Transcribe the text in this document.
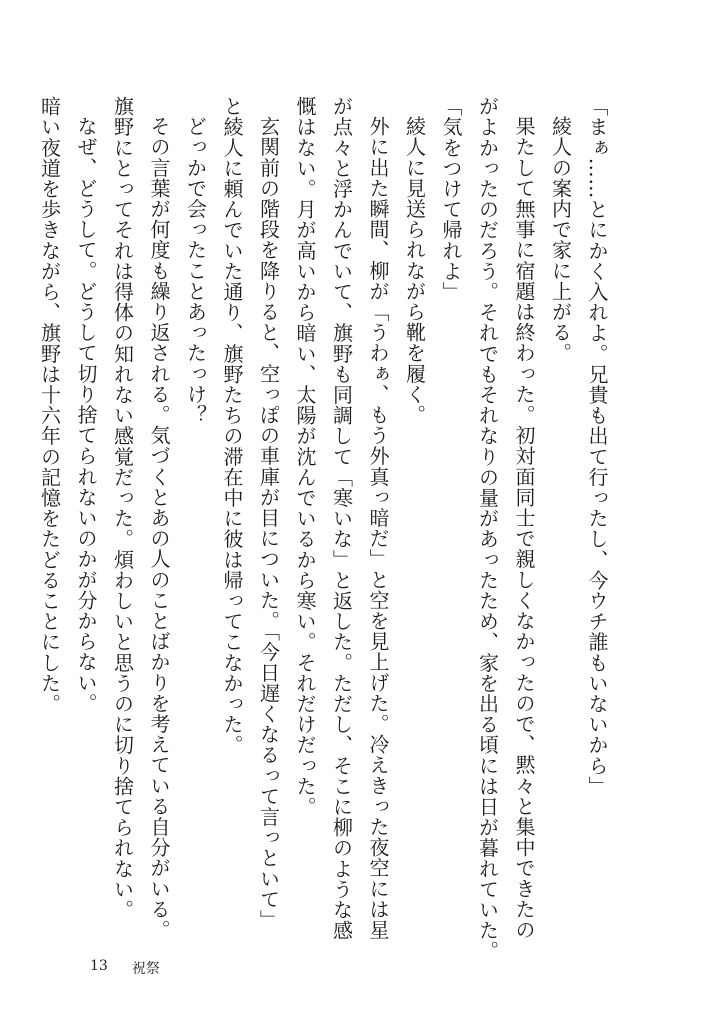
「まぁ……とにかく入れよ。兄貴も出て行ったし、今ウチ誰もいないから」

綾人の案内で家に上がる。

果たして無事に宿題は終わった。初対面同士で親しくなかったので、黙々と集中できたの

がよかったのだろう。それでもそれなりの量があったため、家を出る頃には日が暮れていた。

「気をつけて帰れよ」

綾人に見送られながら靴を履く。

外に出た瞬間、柳が「うわぁ、もう外真っ暗だ」と空を見上げた。冷えきった夜空には星

が点々と浮かんでいて、旗野も同調して「寒いな」と返した。ただし、そこに柳のような感

慨はない。月が高いから暗い、太陽が沈んでいるから寒い。それだけだった。

玄関前の階段を降りると、空っぽの車庫が目についた。「今日遅くなるって言っといて」

と綾人に頼んでいた通り、旗野たちの滞在中に彼は帰ってこなかった。

どっかで会ったことあったっけ？

その言葉が何度も繰り返される。気づくとあの人のことばかりを考えている自分がいる。

旗野にとってそれは得体の知れない感覚だった。煩わしいと思うのに切り捨てられない。

なぜ、どうして。どうして切り捨てられないのかが分からない。

暗い夜道を歩きながら、旗野は十六年の記憶をたどることにした。

13 祝祭
